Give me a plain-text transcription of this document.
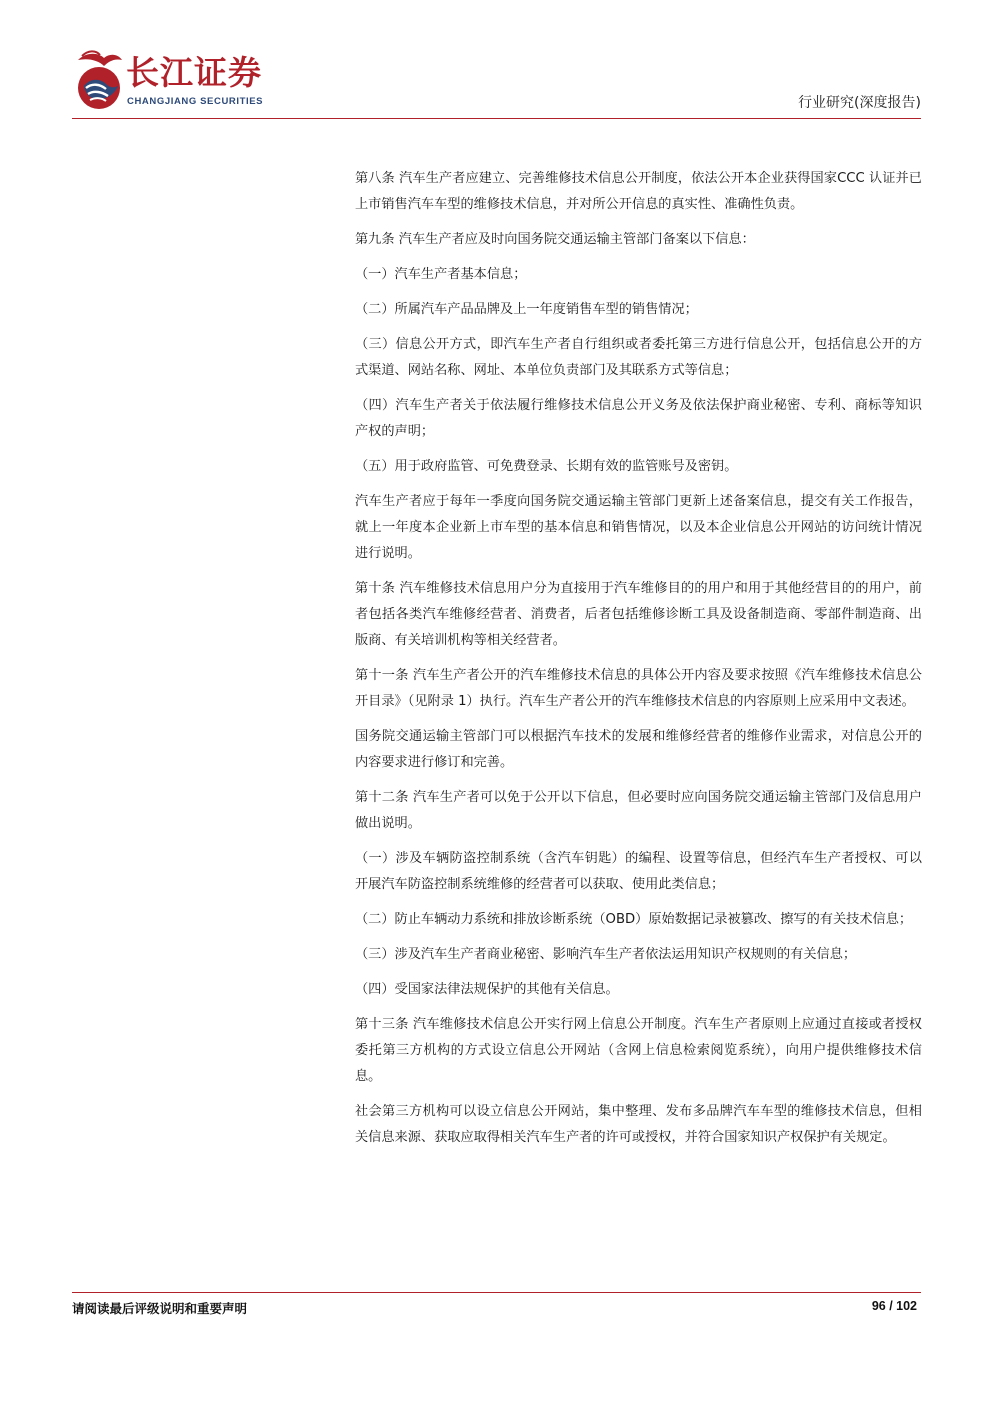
长江证券
CHANGJIANG SECURITIES	行业研究(深度报告)

第八条 汽车生产者应建立、完善维修技术信息公开制度，依法公开本企业获得国家CCC 认证并已上市销售汽车车型的维修技术信息，并对所公开信息的真实性、准确性负责。

第九条 汽车生产者应及时向国务院交通运输主管部门备案以下信息：

（一）汽车生产者基本信息；

（二）所属汽车产品品牌及上一年度销售车型的销售情况；

（三）信息公开方式，即汽车生产者自行组织或者委托第三方进行信息公开，包括信息公开的方式渠道、网站名称、网址、本单位负责部门及其联系方式等信息；

（四）汽车生产者关于依法履行维修技术信息公开义务及依法保护商业秘密、专利、商标等知识产权的声明；

（五）用于政府监管、可免费登录、长期有效的监管账号及密钥。

汽车生产者应于每年一季度向国务院交通运输主管部门更新上述备案信息，提交有关工作报告，就上一年度本企业新上市车型的基本信息和销售情况，以及本企业信息公开网站的访问统计情况进行说明。

第十条 汽车维修技术信息用户分为直接用于汽车维修目的的用户和用于其他经营目的的用户，前者包括各类汽车维修经营者、消费者，后者包括维修诊断工具及设备制造商、零部件制造商、出版商、有关培训机构等相关经营者。

第十一条 汽车生产者公开的汽车维修技术信息的具体公开内容及要求按照《汽车维修技术信息公开目录》（见附录 1）执行。汽车生产者公开的汽车维修技术信息的内容原则上应采用中文表述。

国务院交通运输主管部门可以根据汽车技术的发展和维修经营者的维修作业需求，对信息公开的内容要求进行修订和完善。

第十二条 汽车生产者可以免于公开以下信息，但必要时应向国务院交通运输主管部门及信息用户做出说明。

（一）涉及车辆防盗控制系统（含汽车钥匙）的编程、设置等信息，但经汽车生产者授权、可以开展汽车防盗控制系统维修的经营者可以获取、使用此类信息；

（二）防止车辆动力系统和排放诊断系统（OBD）原始数据记录被篡改、擦写的有关技术信息；

（三）涉及汽车生产者商业秘密、影响汽车生产者依法运用知识产权规则的有关信息；

（四）受国家法律法规保护的其他有关信息。

第十三条 汽车维修技术信息公开实行网上信息公开制度。汽车生产者原则上应通过直接或者授权委托第三方机构的方式设立信息公开网站（含网上信息检索阅览系统），向用户提供维修技术信息。

社会第三方机构可以设立信息公开网站，集中整理、发布多品牌汽车车型的维修技术信息，但相关信息来源、获取应取得相关汽车生产者的许可或授权，并符合国家知识产权保护有关规定。

请阅读最后评级说明和重要声明	96 / 102
